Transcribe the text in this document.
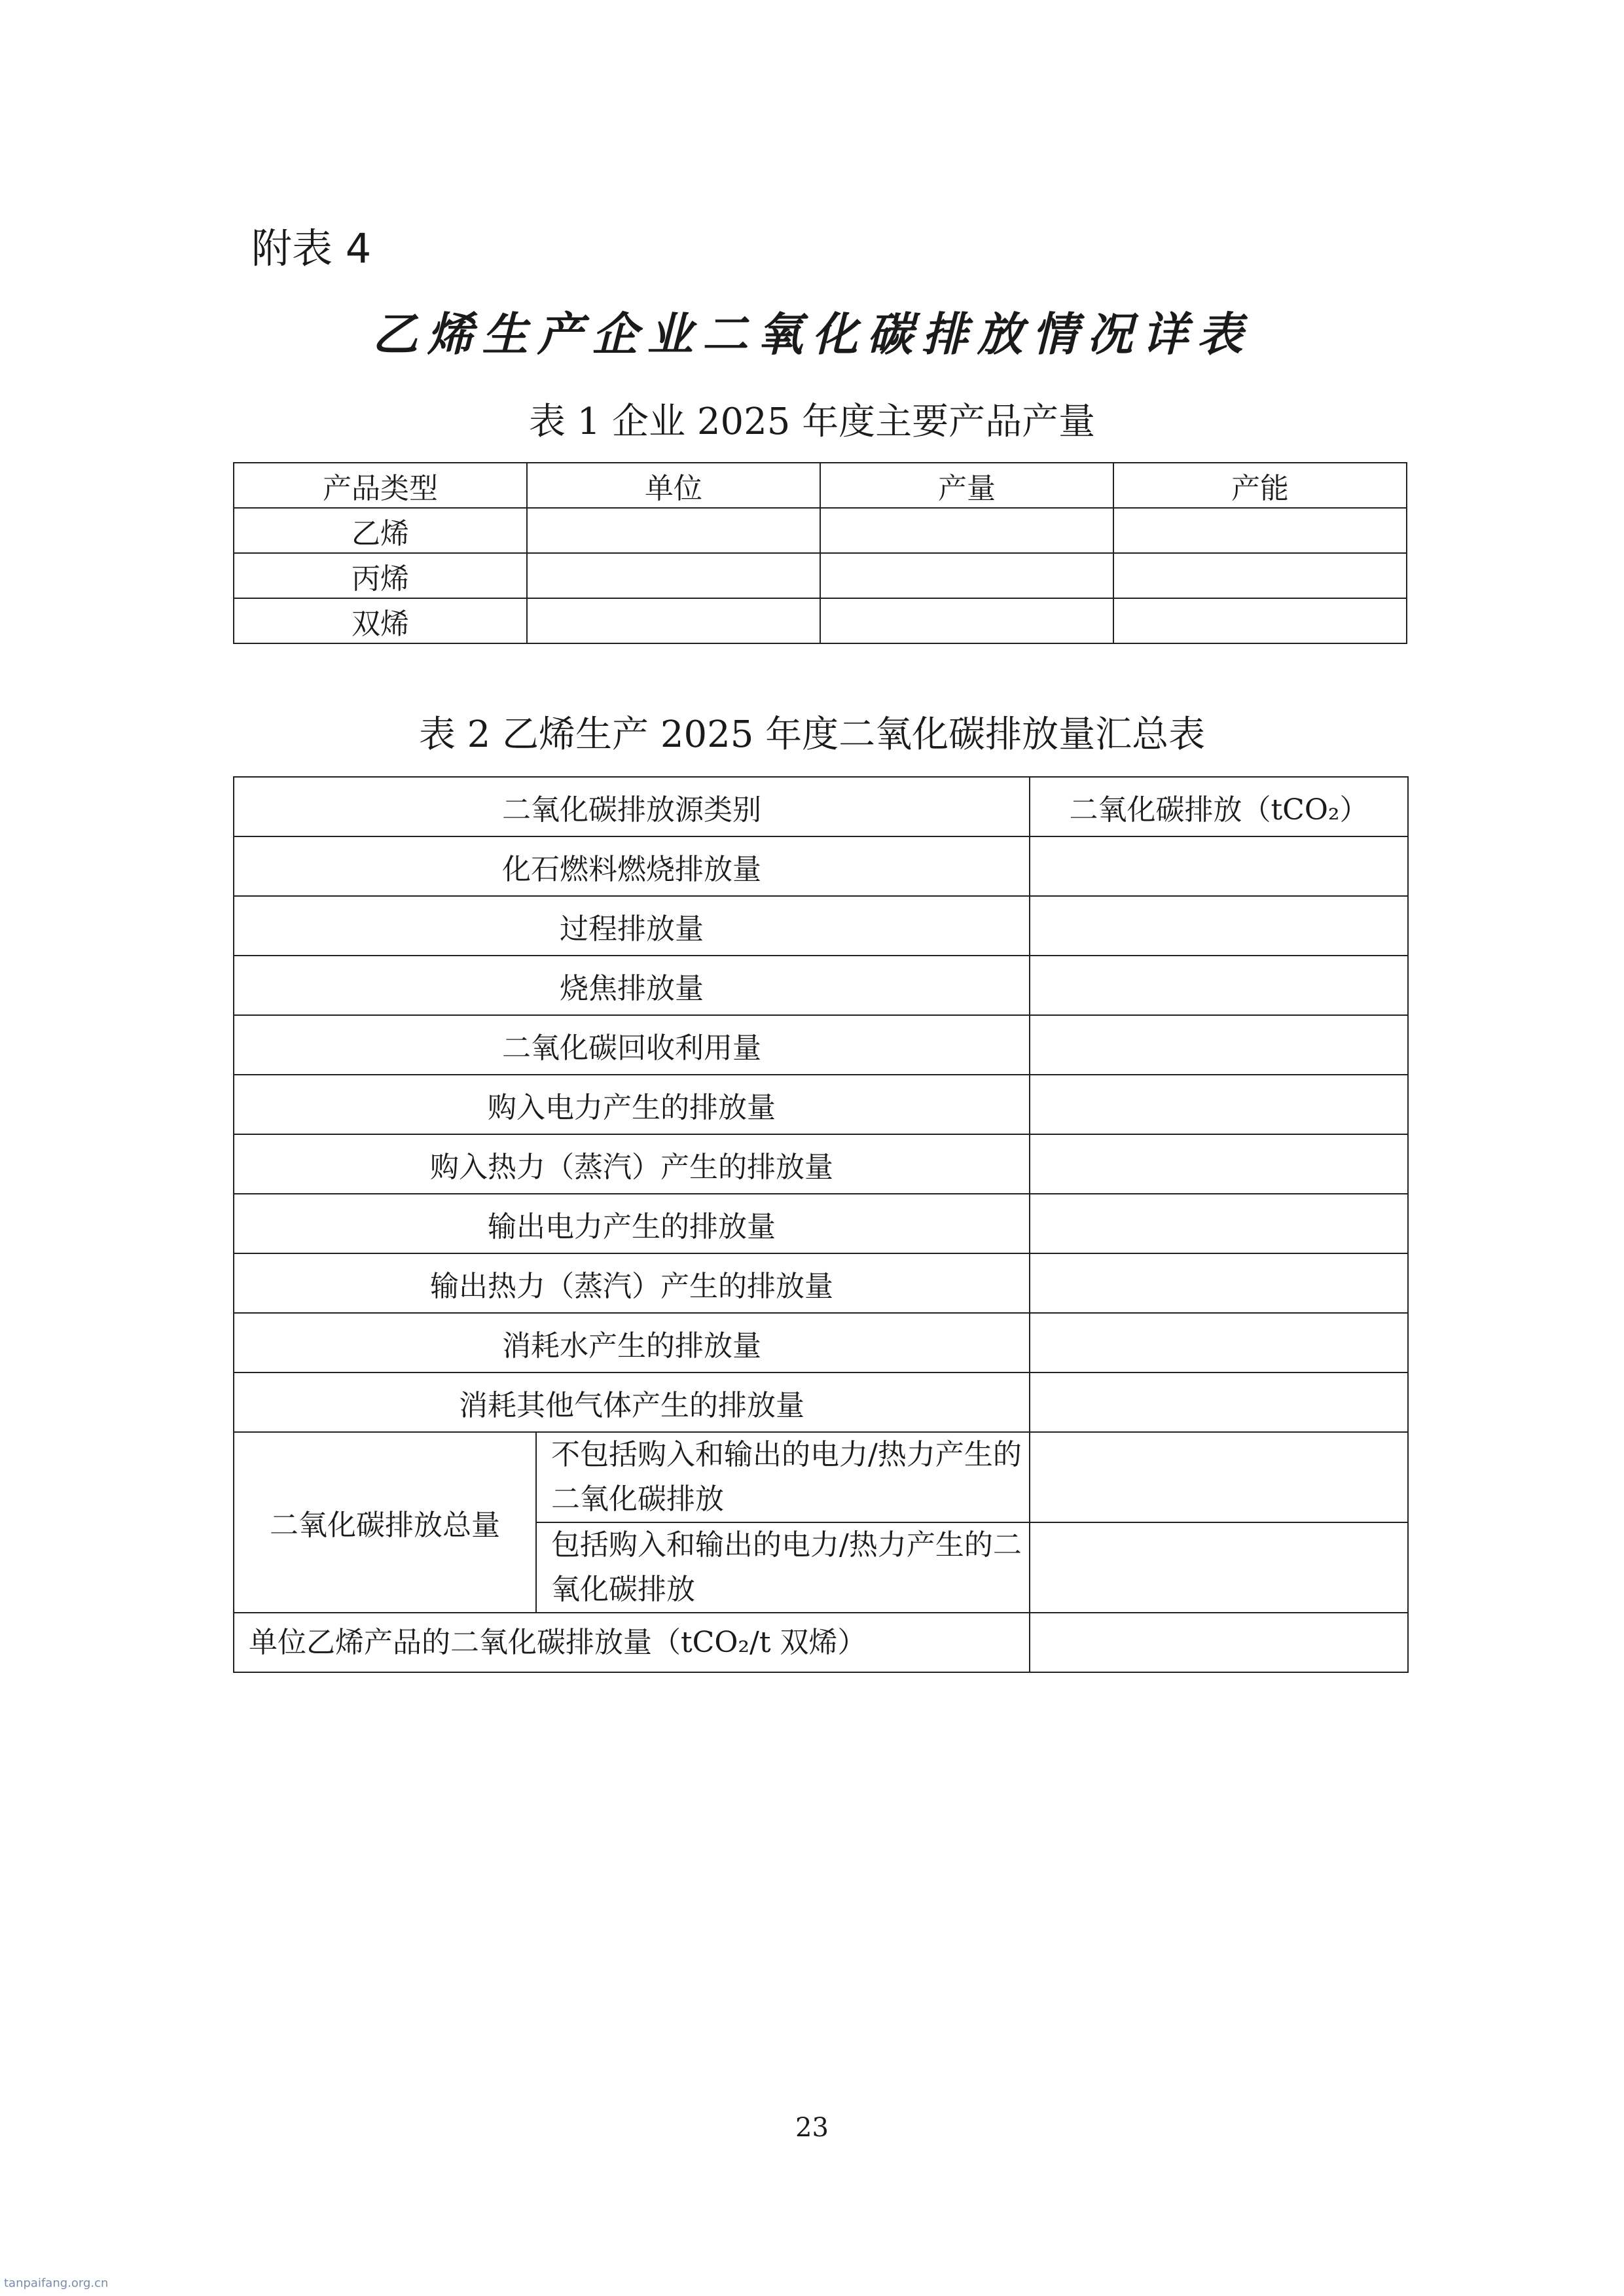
附表 4
乙烯生产企业二氧化碳排放情况详表
表 1 企业 2025 年度主要产品产量
产品类型	单位	产量	产能
乙烯			
丙烯			
双烯			
表 2 乙烯生产 2025 年度二氧化碳排放量汇总表
二氧化碳排放源类别		二氧化碳排放（tCO₂）
化石燃料燃烧排放量		
过程排放量		
烧焦排放量		
二氧化碳回收利用量		
购入电力产生的排放量		
购入热力（蒸汽）产生的排放量		
输出电力产生的排放量		
输出热力（蒸汽）产生的排放量		
消耗水产生的排放量		
消耗其他气体产生的排放量		
二氧化碳排放总量	不包括购入和输出的电力/热力产生的二氧化碳排放	
	包括购入和输出的电力/热力产生的二氧化碳排放	
单位乙烯产品的二氧化碳排放量（tCO₂/t 双烯）		
23
tanpaifang.org.cn
